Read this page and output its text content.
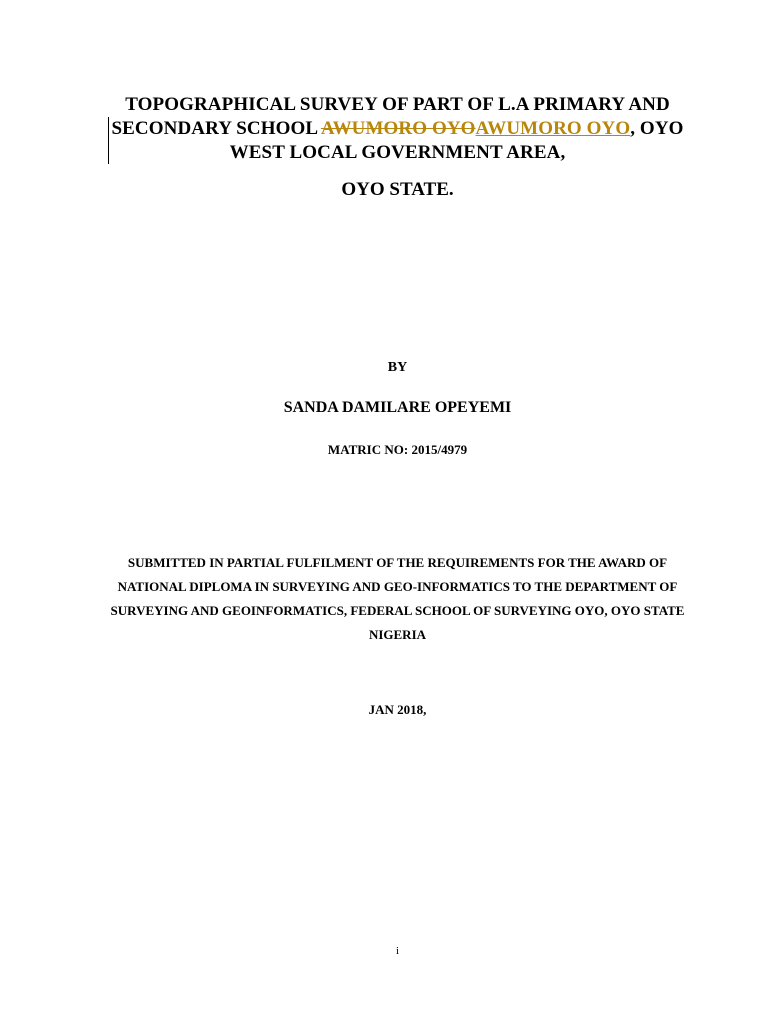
TOPOGRAPHICAL SURVEY OF PART OF L.A PRIMARY AND SECONDARY SCHOOL AWUMORO OYOAWUMORO OYO, OYO WEST LOCAL GOVERNMENT AREA,
OYO STATE.
BY
SANDA DAMILARE OPEYEMI
MATRIC NO: 2015/4979
SUBMITTED IN PARTIAL FULFILMENT OF THE REQUIREMENTS FOR THE AWARD OF NATIONAL DIPLOMA IN SURVEYING AND GEO-INFORMATICS TO THE DEPARTMENT OF SURVEYING AND GEOINFORMATICS, FEDERAL SCHOOL OF SURVEYING OYO, OYO STATE NIGERIA
JAN 2018,
i
